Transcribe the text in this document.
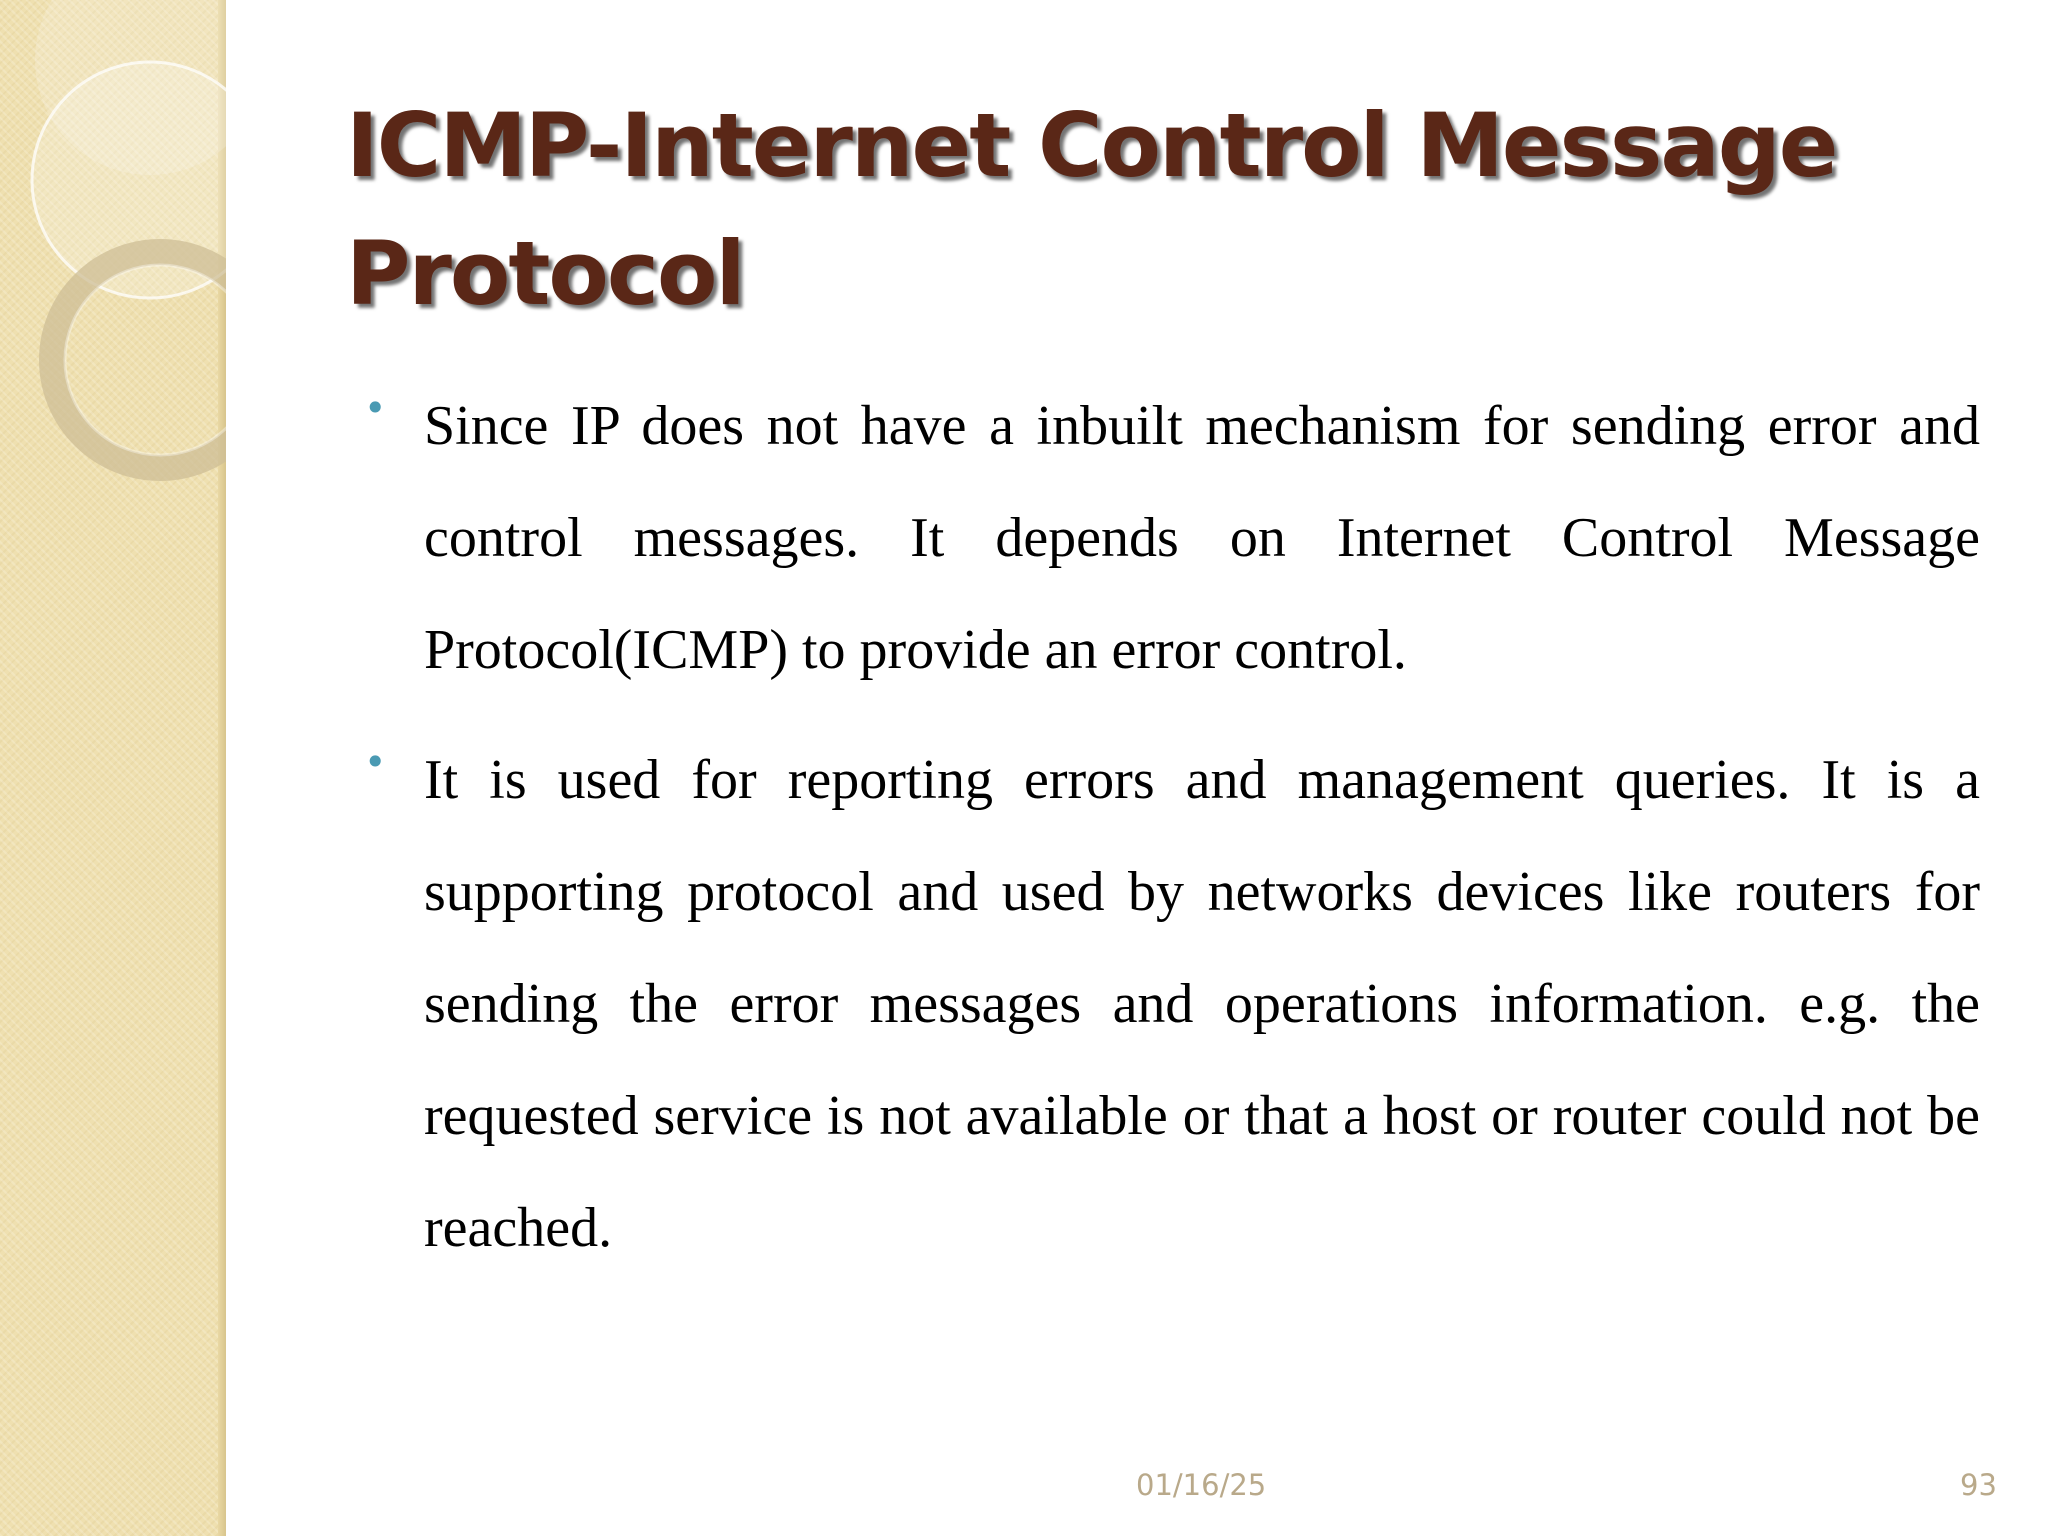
ICMP-Internet Control Message Protocol
• Since IP does not have a inbuilt mechanism for sending error and control messages. It depends on Internet Control Message Protocol(ICMP) to provide an error control.
• It is used for reporting errors and management queries. It is a supporting protocol and used by networks devices like routers for sending the error messages and operations information. e.g. the requested service is not available or that a host or router could not be reached.
01/16/25	93
